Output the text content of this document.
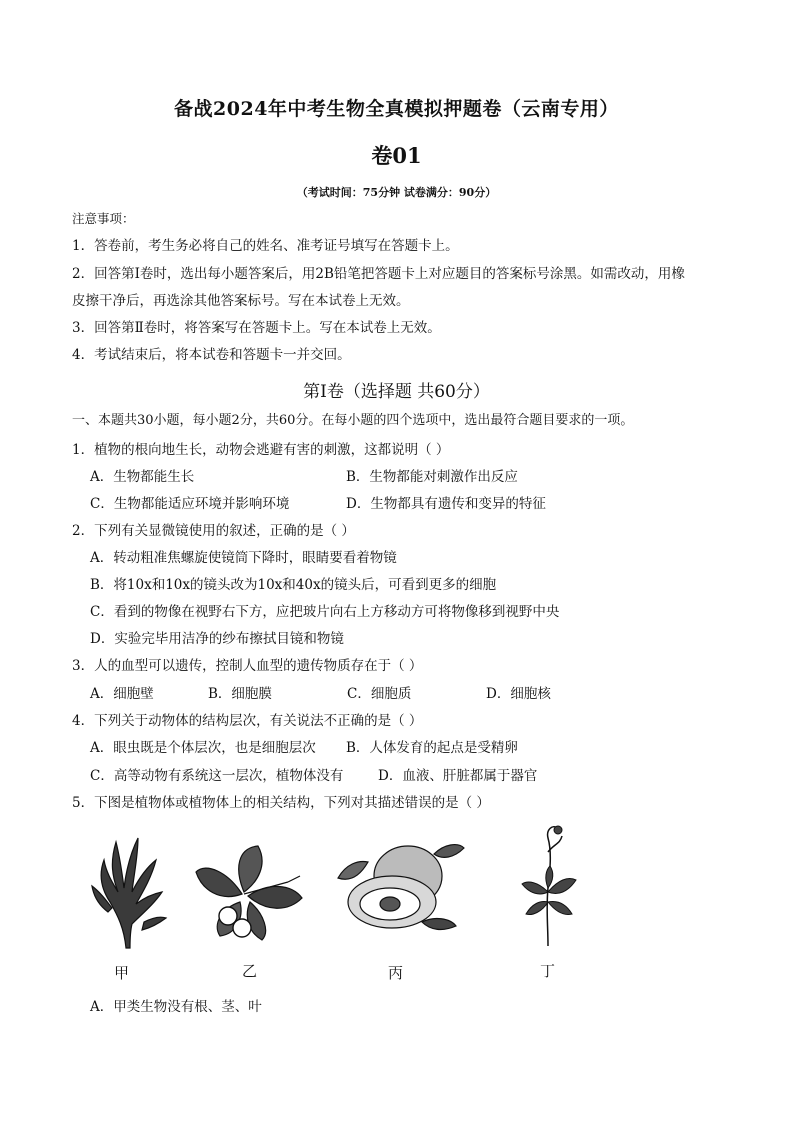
备战2024年中考生物全真模拟押题卷（云南专用）
卷01
（考试时间：75分钟 试卷满分：90分）
注意事项：
1．答卷前，考生务必将自己的姓名、准考证号填写在答题卡上。
2．回答第Ⅰ卷时，选出每小题答案后，用2B铅笔把答题卡上对应题目的答案标号涂黑。如需改动，用橡
皮擦干净后，再选涂其他答案标号。写在本试卷上无效。
3．回答第Ⅱ卷时，将答案写在答题卡上。写在本试卷上无效。
4．考试结束后，将本试卷和答题卡一并交回。
第Ⅰ卷（选择题 共60分）
一、本题共30小题，每小题2分，共60分。在每小题的四个选项中，选出最符合题目要求的一项。
1．植物的根向地生长，动物会逃避有害的刺激，这都说明（ ）
A．生物都能生长	B．生物都能对刺激作出反应
C．生物都能适应环境并影响环境	D．生物都具有遗传和变异的特征
2．下列有关显微镜使用的叙述，正确的是（ ）
A．转动粗准焦螺旋使镜筒下降时，眼睛要看着物镜
B．将10x和10x的镜头改为10x和40x的镜头后，可看到更多的细胞
C．看到的物像在视野右下方，应把玻片向右上方移动方可将物像移到视野中央
D．实验完毕用洁净的纱布擦拭目镜和物镜
3．人的血型可以遗传，控制人血型的遗传物质存在于（ ）
A．细胞壁	B．细胞膜	C．细胞质	D．细胞核
4．下列关于动物体的结构层次，有关说法不正确的是（ ）
A．眼虫既是个体层次，也是细胞层次 B．人体发育的起点是受精卵
C．高等动物有系统这一层次，植物体没有	D．血液、肝脏都属于器官
5．下图是植物体或植物体上的相关结构，下列对其描述错误的是（ ）
甲	乙	丙	丁
A．甲类生物没有根、茎、叶
